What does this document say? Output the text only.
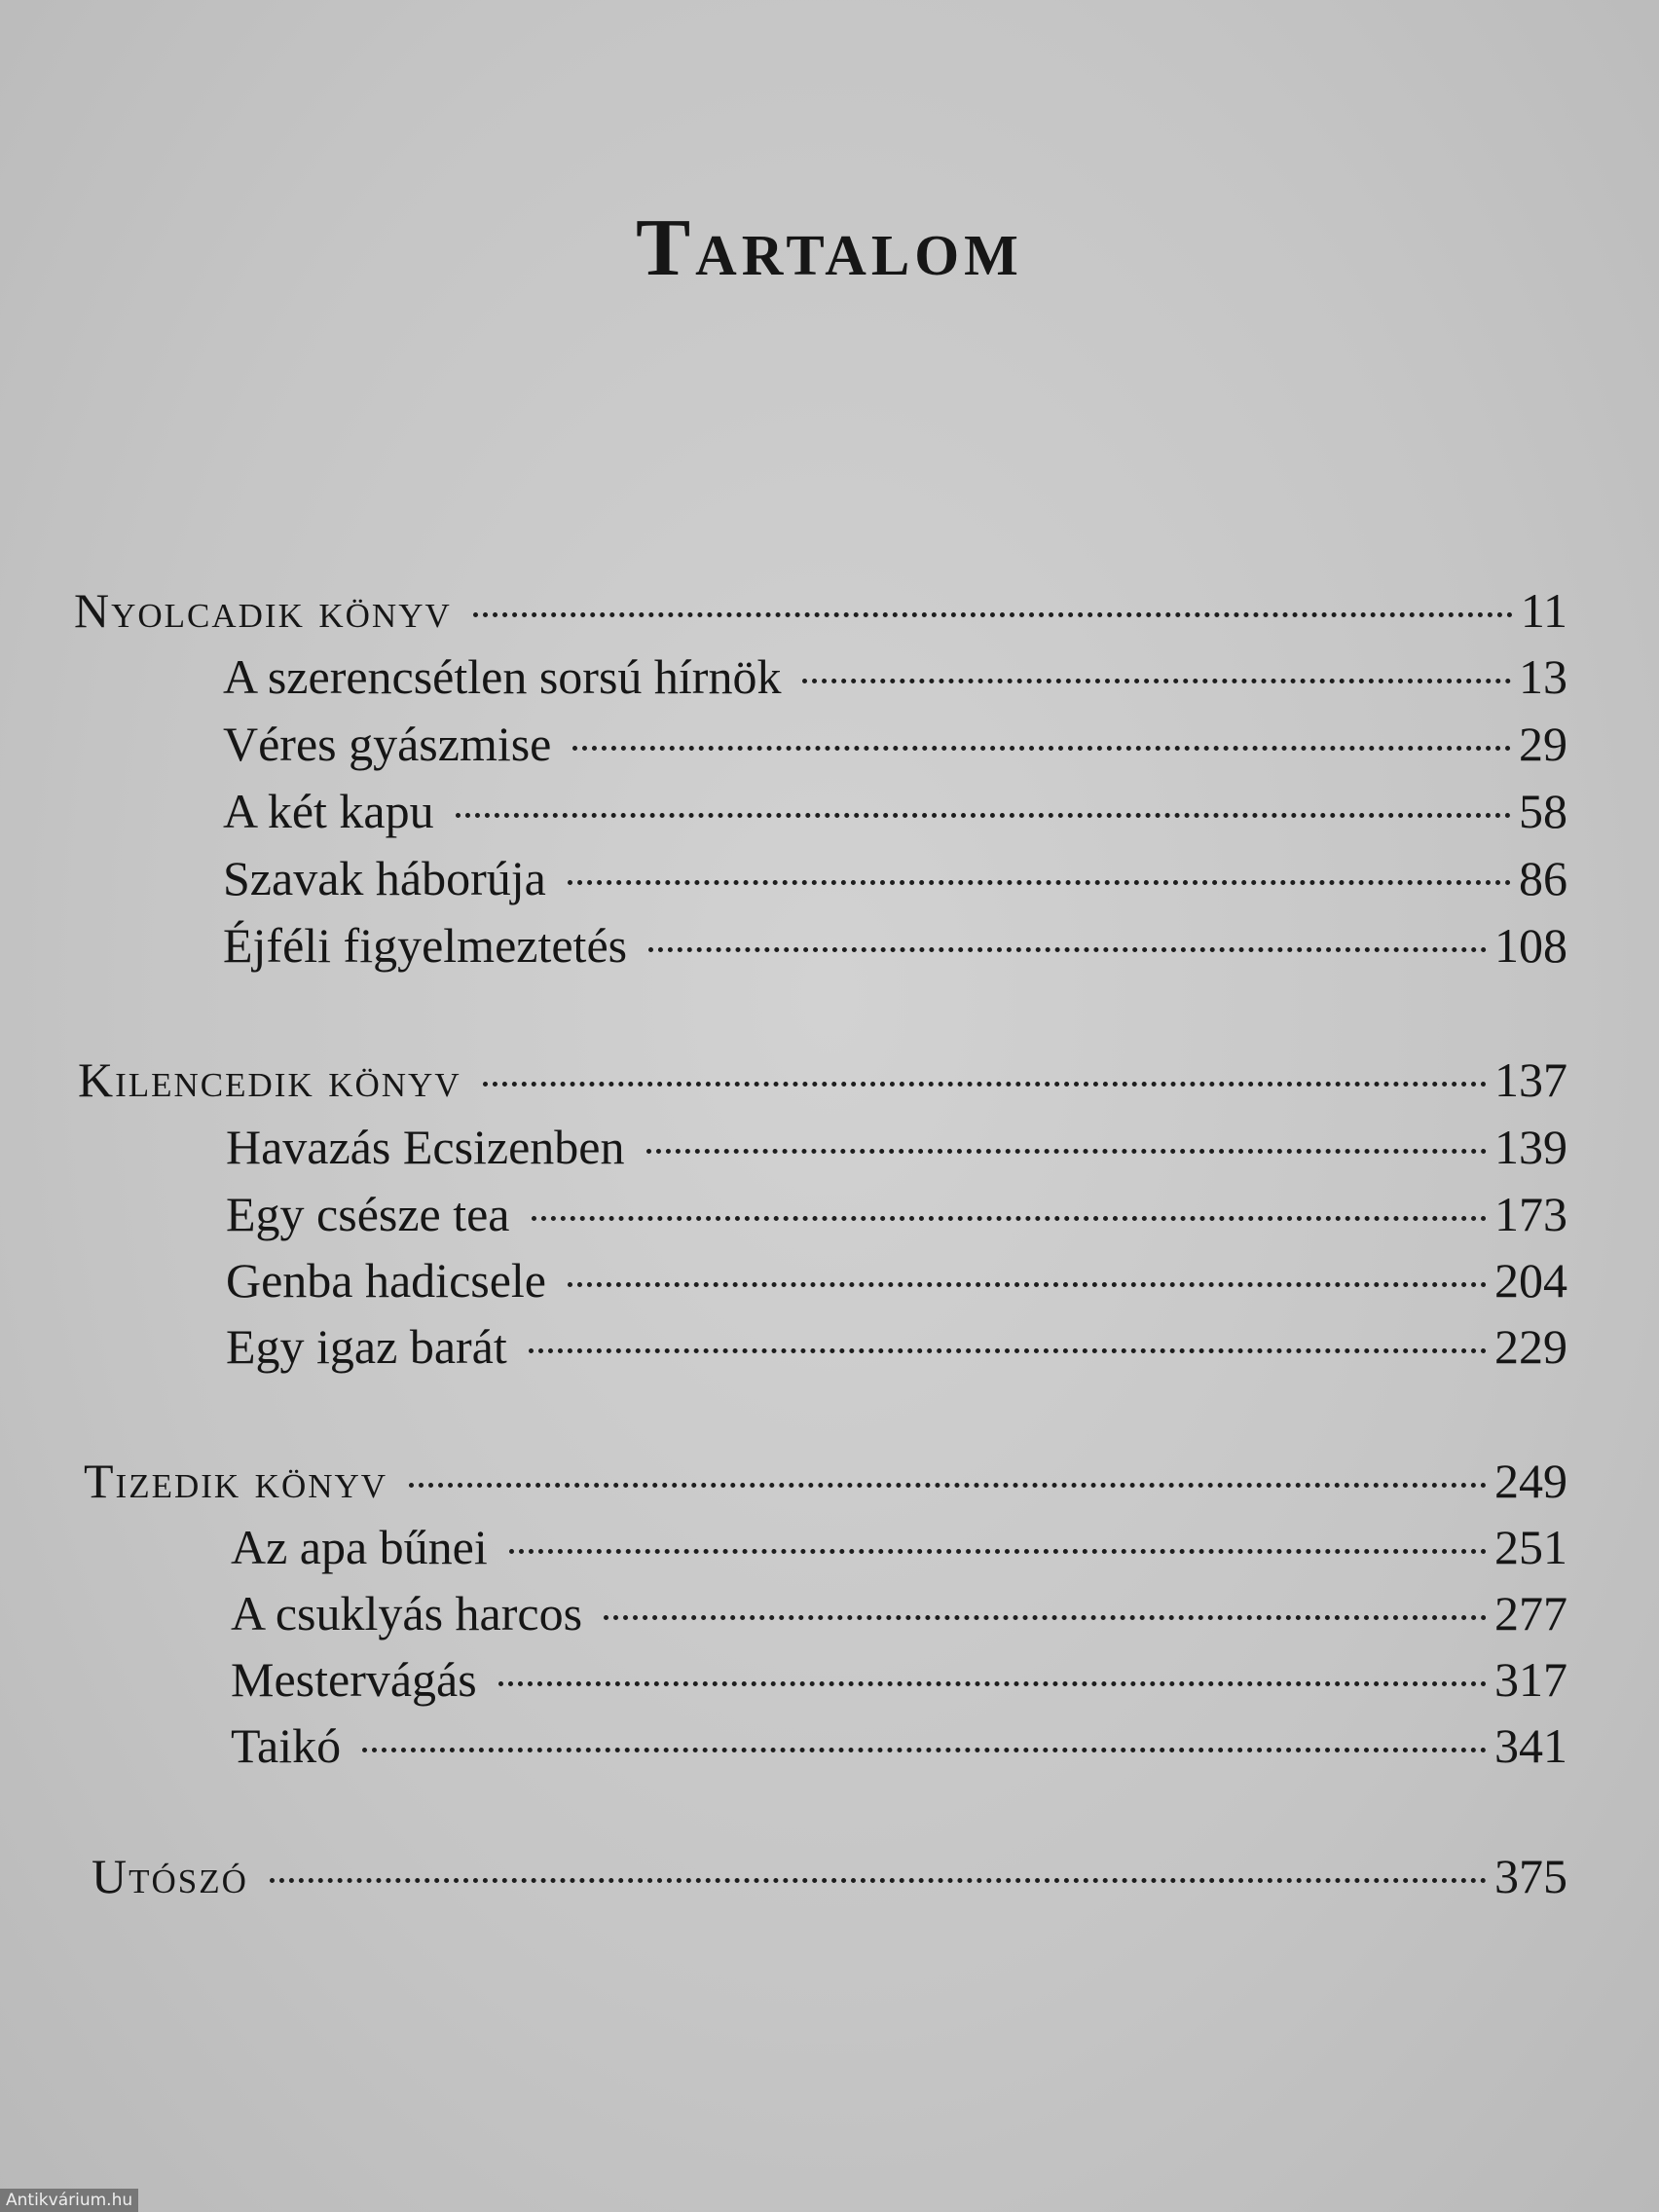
Tartalom
Nyolcadik könyv	11
A szerencsétlen sorsú hírnök	13
Véres gyászmise	29
A két kapu	58
Szavak háborúja	86
Éjféli figyelmeztetés	108
Kilencedik könyv	137
Havazás Ecsizenben	139
Egy csésze tea	173
Genba hadicsele	204
Egy igaz barát	229
Tizedik könyv	249
Az apa bűnei	251
A csuklyás harcos	277
Mestervágás	317
Taikó	341
Utószó	375
Antikvárium.hu
